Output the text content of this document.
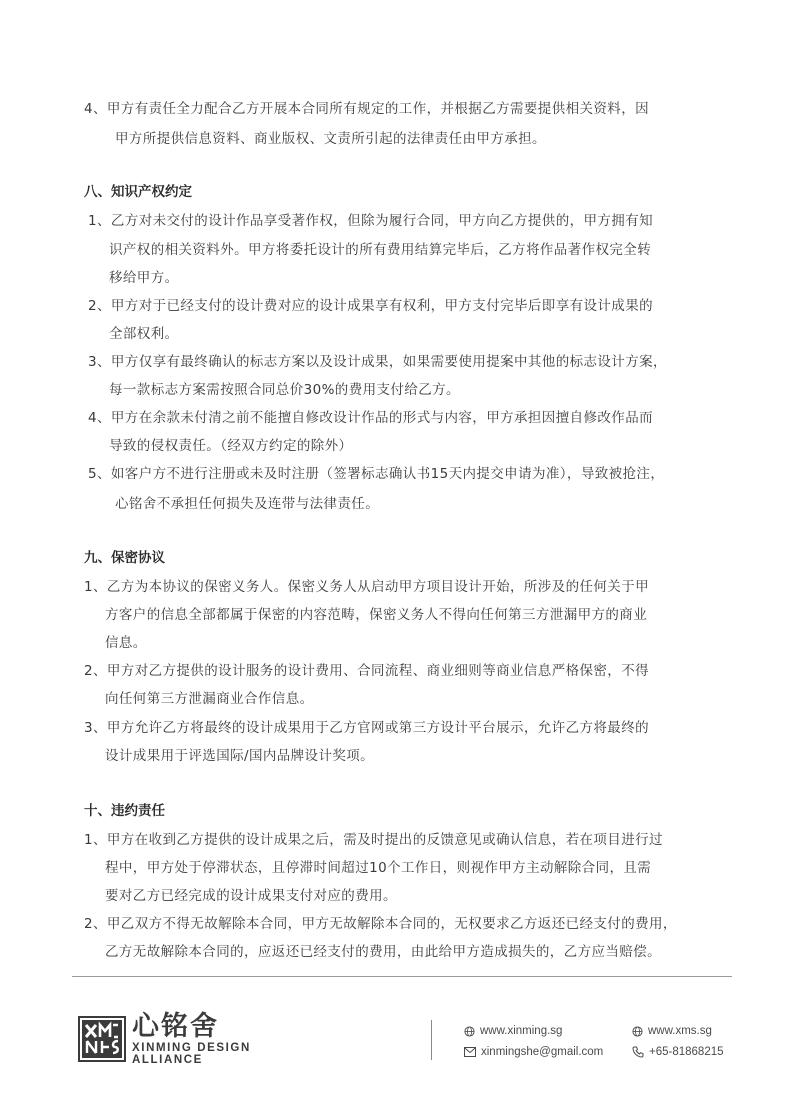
4、甲方有责任全力配合乙方开展本合同所有规定的工作，并根据乙方需要提供相关资料，因
甲方所提供信息资料、商业版权、文责所引起的法律责任由甲方承担。
八、知识产权约定
1、乙方对未交付的设计作品享受著作权，但除为履行合同，甲方向乙方提供的，甲方拥有知
识产权的相关资料外。甲方将委托设计的所有费用结算完毕后，乙方将作品著作权完全转
移给甲方。
2、甲方对于已经支付的设计费对应的设计成果享有权利，甲方支付完毕后即享有设计成果的
全部权利。
3、甲方仅享有最终确认的标志方案以及设计成果，如果需要使用提案中其他的标志设计方案，
每一款标志方案需按照合同总价30%的费用支付给乙方。
4、甲方在余款未付清之前不能擅自修改设计作品的形式与内容，甲方承担因擅自修改作品而
导致的侵权责任。（经双方约定的除外）
5、如客户方不进行注册或未及时注册（签署标志确认书15天内提交申请为准），导致被抢注，
心铭舍不承担任何损失及连带与法律责任。
九、保密协议
1、乙方为本协议的保密义务人。保密义务人从启动甲方项目设计开始，所涉及的任何关于甲
方客户的信息全部都属于保密的内容范畴，保密义务人不得向任何第三方泄漏甲方的商业
信息。
2、甲方对乙方提供的设计服务的设计费用、合同流程、商业细则等商业信息严格保密，不得
向任何第三方泄漏商业合作信息。
3、甲方允许乙方将最终的设计成果用于乙方官网或第三方设计平台展示，允许乙方将最终的
设计成果用于评选国际/国内品牌设计奖项。
十、违约责任
1、甲方在收到乙方提供的设计成果之后，需及时提出的反馈意见或确认信息，若在项目进行过
程中，甲方处于停滞状态，且停滞时间超过10个工作日，则视作甲方主动解除合同，且需
要对乙方已经完成的设计成果支付对应的费用。
2、甲乙双方不得无故解除本合同，甲方无故解除本合同的，无权要求乙方返还已经支付的费用，
乙方无故解除本合同的，应返还已经支付的费用，由此给甲方造成损失的，乙方应当赔偿。
心铭舍
XINMING DESIGN
ALLIANCE
www.xinming.sg	www.xms.sg
xinmingshe@gmail.com	+65-81868215
